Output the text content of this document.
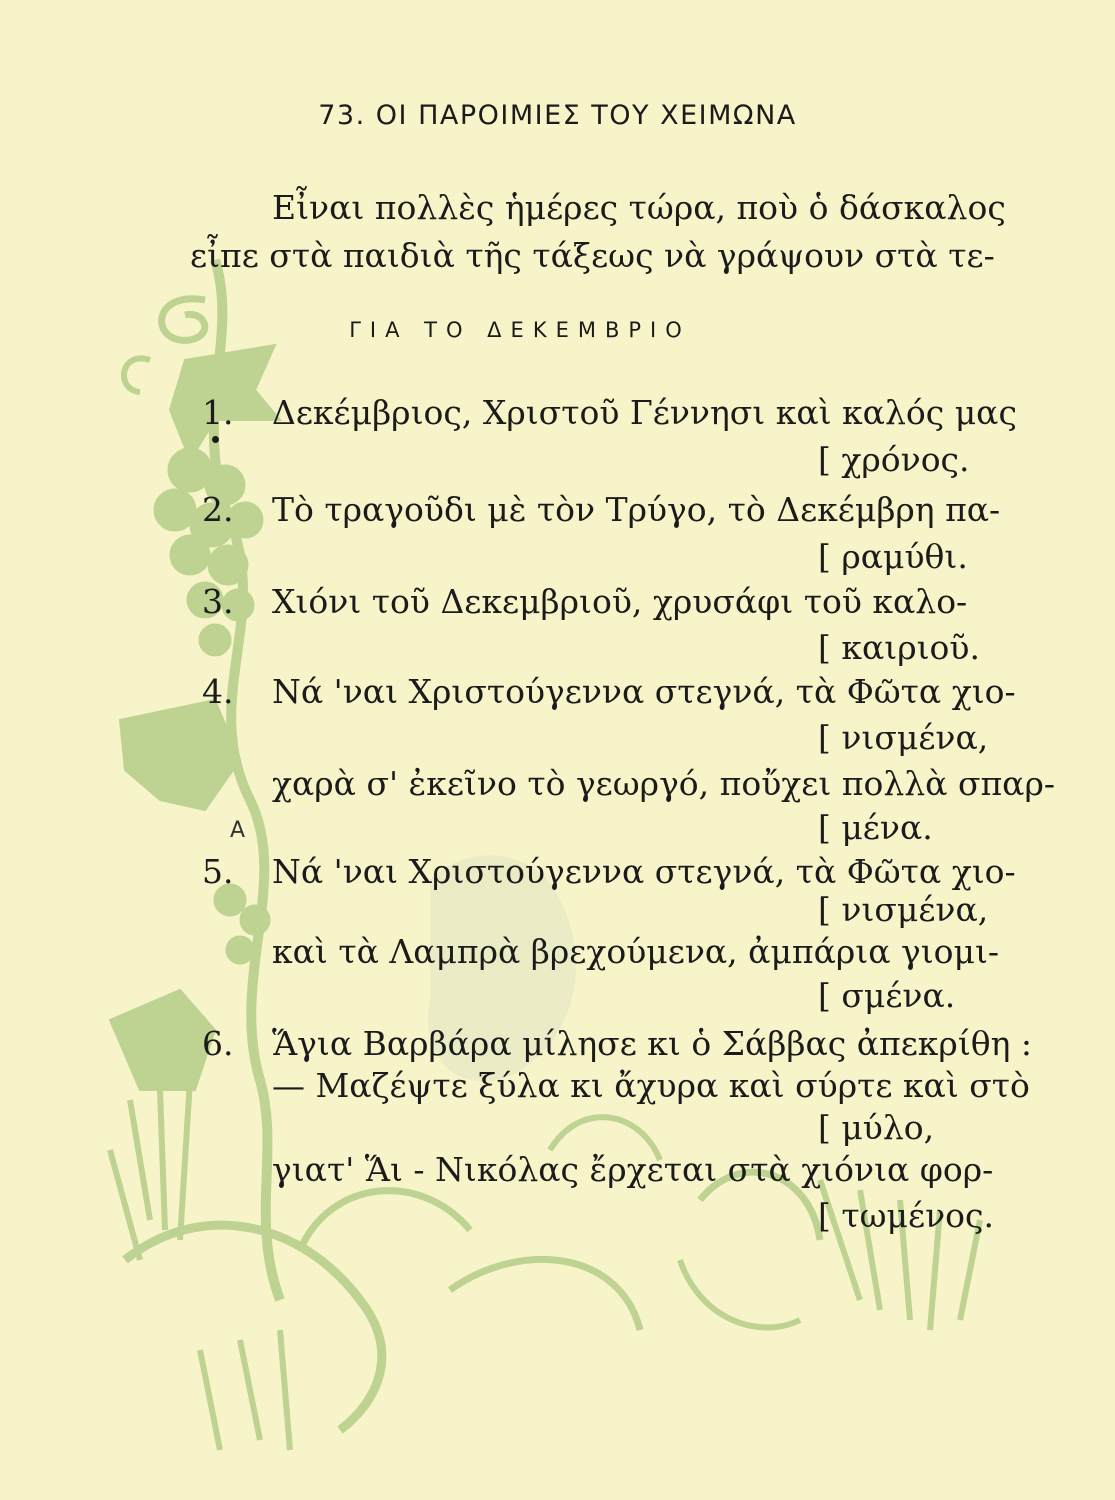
73. ΟΙ ΠΑΡΟΙΜΙΕΣ ΤΟΥ ΧΕΙΜΩΝΑ
Εἶναι πολλὲς ἡμέρες τώρα, ποὺ ὁ δάσκαλος
εἶπε στὰ παιδιὰ τῆς τάξεως νὰ γράψουν στὰ τε-
ΓΙΑ ΤΟ ΔΕΚΕΜΒΡΙΟ
1. Δεκέμβριος, Χριστοῦ Γέννησι καὶ καλός μας
[ χρόνος.
2. Τὸ τραγοῦδι μὲ τὸν Τρύγο, τὸ Δεκέμβρη πα-
[ ραμύθι.
3. Χιόνι τοῦ Δεκεμβριοῦ, χρυσάφι τοῦ καλο-
[ καιριοῦ.
4. Νά 'ναι Χριστούγεννα στεγνά, τὰ Φῶτα χιο-
[ νισμένα,
χαρὰ σ' ἐκεῖνο τὸ γεωργό, ποὔχει πολλὰ σπαρ-
[ μένα.
A
5. Νά 'ναι Χριστούγεννα στεγνά, τὰ Φῶτα χιο-
[ νισμένα,
καὶ τὰ Λαμπρὰ βρεχούμενα, ἀμπάρια γιομι-
[ σμένα.
6. Ἅγια Βαρβάρα μίλησε κι ὁ Σάββας ἀπεκρίθη :
— Μαζέψτε ξύλα κι ἄχυρα καὶ σύρτε καὶ στὸ
[ μύλο,
γιατ' Ἅι - Νικόλας ἔρχεται στὰ χιόνια φορ-
[ τωμένος.
